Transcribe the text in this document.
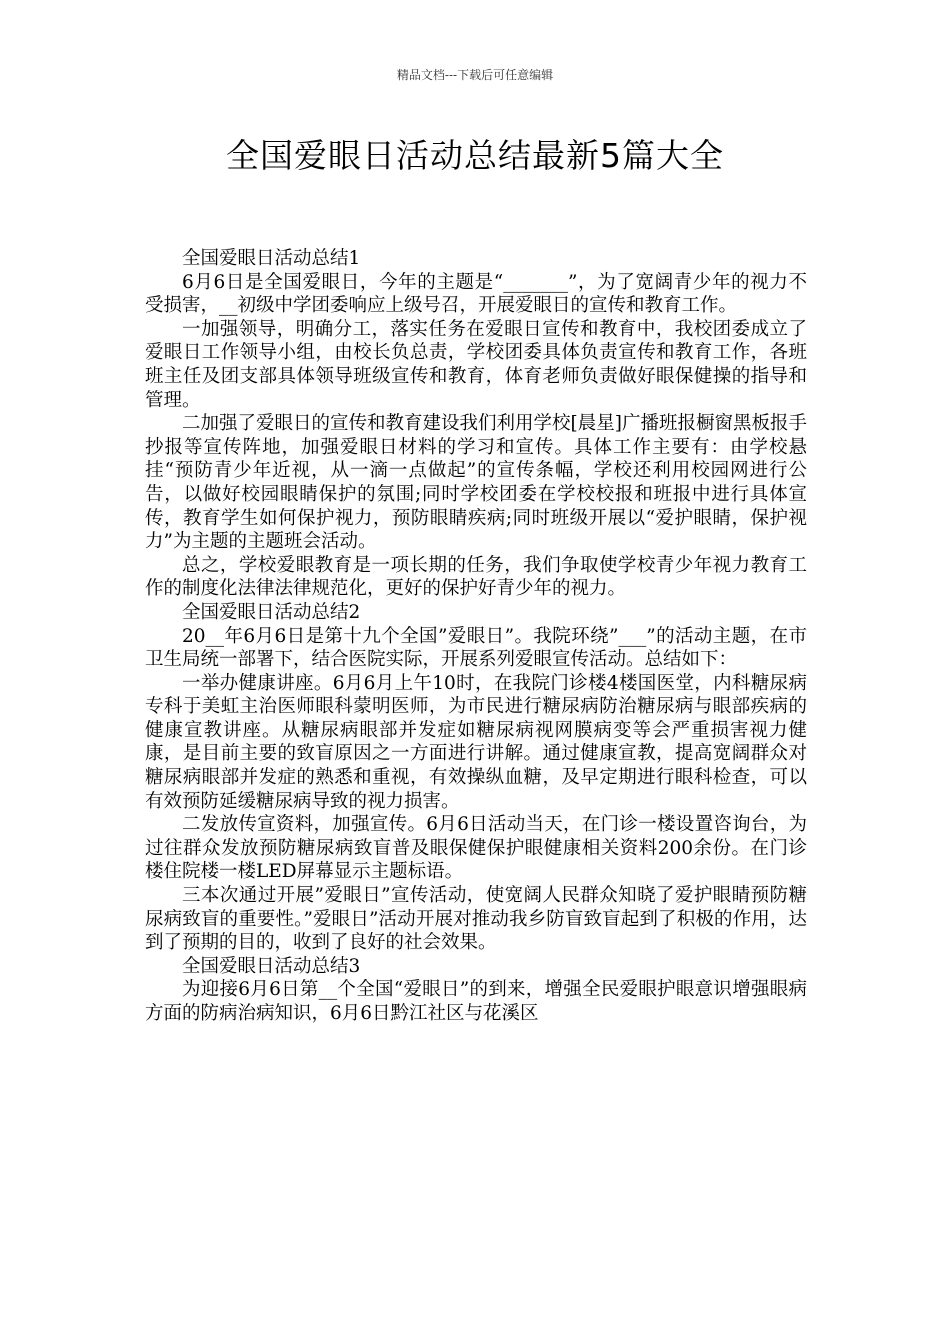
精品文档---下载后可任意编辑
全国爱眼日活动总结最新5篇大全

全国爱眼日活动总结1

6月6日是全国爱眼日，今年的主题是“_______”，为了宽阔青少年的视力不受损害，__初级中学团委响应上级号召，开展爱眼日的宣传和教育工作。

一加强领导，明确分工，落实任务在爱眼日宣传和教育中，我校团委成立了爱眼日工作领导小组，由校长负总责，学校团委具体负责宣传和教育工作，各班班主任及团支部具体领导班级宣传和教育，体育老师负责做好眼保健操的指导和管理。

二加强了爱眼日的宣传和教育建设我们利用学校[晨星]广播班报橱窗黑板报手抄报等宣传阵地，加强爱眼日材料的学习和宣传。具体工作主要有：由学校悬挂“预防青少年近视，从一滴一点做起”的宣传条幅，学校还利用校园网进行公告，以做好校园眼睛保护的氛围;同时学校团委在学校校报和班报中进行具体宣传，教育学生如何保护视力，预防眼睛疾病;同时班级开展以“爱护眼睛，保护视力”为主题的主题班会活动。

总之，学校爱眼教育是一项长期的任务，我们争取使学校青少年视力教育工作的制度化法律法律规范化，更好的保护好青少年的视力。

全国爱眼日活动总结2

20__年6月6日是第十九个全国”爱眼日”。我院环绕”___”的活动主题，在市卫生局统一部署下，结合医院实际，开展系列爱眼宣传活动。总结如下：

一举办健康讲座。6月6月上午10时，在我院门诊楼4楼国医堂，内科糖尿病专科于美虹主治医师眼科蒙明医师，为市民进行糖尿病防治糖尿病与眼部疾病的健康宣教讲座。从糖尿病眼部并发症如糖尿病视网膜病变等会严重损害视力健康，是目前主要的致盲原因之一方面进行讲解。通过健康宣教，提高宽阔群众对糖尿病眼部并发症的熟悉和重视，有效操纵血糖，及早定期进行眼科检查，可以有效预防延缓糖尿病导致的视力损害。

二发放传宣资料，加强宣传。6月6日活动当天，在门诊一楼设置咨询台，为过往群众发放预防糖尿病致盲普及眼保健保护眼健康相关资料200余份。在门诊楼住院楼一楼LED屏幕显示主题标语。

三本次通过开展”爱眼日”宣传活动，使宽阔人民群众知晓了爱护眼睛预防糖尿病致盲的重要性。”爱眼日”活动开展对推动我乡防盲致盲起到了积极的作用，达到了预期的目的，收到了良好的社会效果。

全国爱眼日活动总结3

为迎接6月6日第__个全国“爱眼日”的到来，增强全民爱眼护眼意识增强眼病方面的防病治病知识，6月6日黔江社区与花溪区
